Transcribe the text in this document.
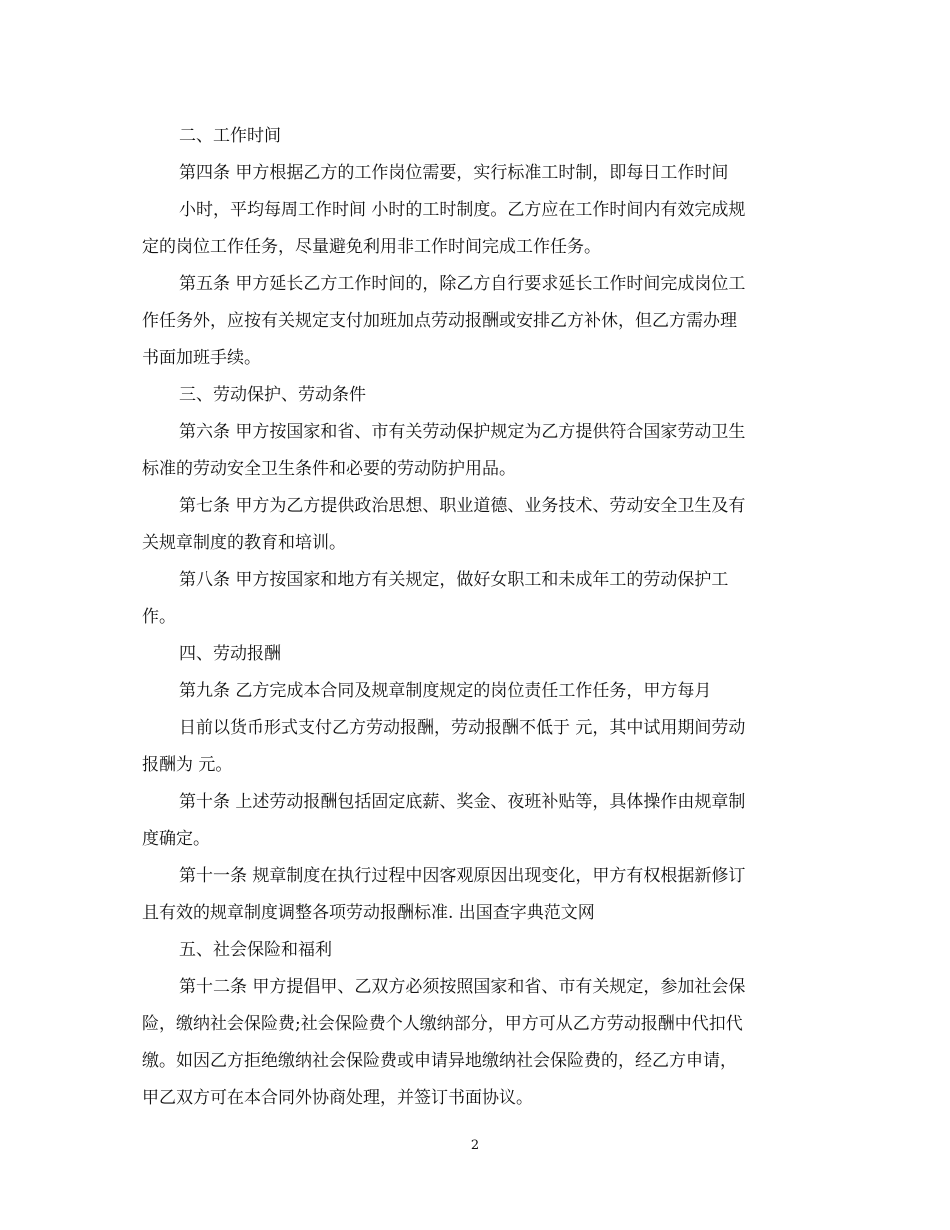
二、工作时间
第四条 甲方根据乙方的工作岗位需要，实行标准工时制，即每日工作时间
小时，平均每周工作时间 小时的工时制度。乙方应在工作时间内有效完成规
定的岗位工作任务，尽量避免利用非工作时间完成工作任务。
第五条 甲方延长乙方工作时间的，除乙方自行要求延长工作时间完成岗位工
作任务外，应按有关规定支付加班加点劳动报酬或安排乙方补休，但乙方需办理
书面加班手续。
三、劳动保护、劳动条件
第六条 甲方按国家和省、市有关劳动保护规定为乙方提供符合国家劳动卫生
标准的劳动安全卫生条件和必要的劳动防护用品。
第七条 甲方为乙方提供政治思想、职业道德、业务技术、劳动安全卫生及有
关规章制度的教育和培训。
第八条 甲方按国家和地方有关规定，做好女职工和未成年工的劳动保护工
作。
四、劳动报酬
第九条 乙方完成本合同及规章制度规定的岗位责任工作任务，甲方每月
日前以货币形式支付乙方劳动报酬，劳动报酬不低于 元，其中试用期间劳动
报酬为 元。
第十条 上述劳动报酬包括固定底薪、奖金、夜班补贴等，具体操作由规章制
度确定。
第十一条 规章制度在执行过程中因客观原因出现变化，甲方有权根据新修订
且有效的规章制度调整各项劳动报酬标准. 出国查字典范文网
五、社会保险和福利
第十二条 甲方提倡甲、乙双方必须按照国家和省、市有关规定，参加社会保
险，缴纳社会保险费;社会保险费个人缴纳部分，甲方可从乙方劳动报酬中代扣代
缴。如因乙方拒绝缴纳社会保险费或申请异地缴纳社会保险费的，经乙方申请，
甲乙双方可在本合同外协商处理，并签订书面协议。
2
